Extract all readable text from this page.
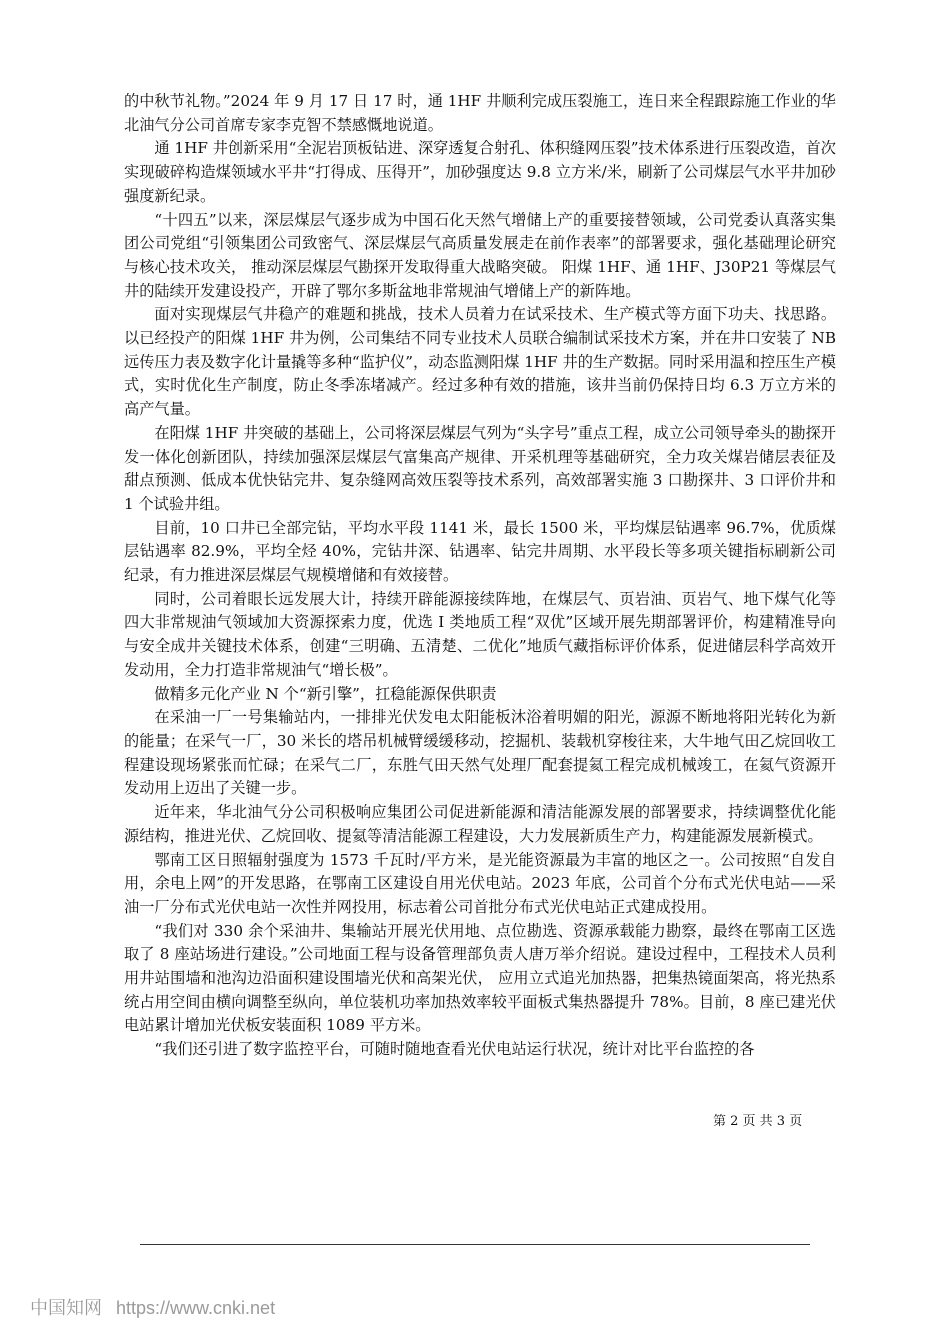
的中秋节礼物。”2024 年 9 月 17 日 17 时，通 1HF 井顺利完成压裂施工，连日来全程跟踪施工作业的华北油气分公司首席专家李克智不禁感慨地说道。

通 1HF 井创新采用“全泥岩顶板钻进、深穿透复合射孔、体积缝网压裂”技术体系进行压裂改造，首次实现破碎构造煤领域水平井“打得成、压得开”，加砂强度达 9.8 立方米/米，刷新了公司煤层气水平井加砂强度新纪录。

“十四五”以来，深层煤层气逐步成为中国石化天然气增储上产的重要接替领域，公司党委认真落实集团公司党组“引领集团公司致密气、深层煤层气高质量发展走在前作表率”的部署要求，强化基础理论研究与核心技术攻关， 推动深层煤层气勘探开发取得重大战略突破。 阳煤 1HF、通 1HF、J30P21 等煤层气井的陆续开发建设投产，开辟了鄂尔多斯盆地非常规油气增储上产的新阵地。

面对实现煤层气井稳产的难题和挑战，技术人员着力在试采技术、生产模式等方面下功夫、找思路。以已经投产的阳煤 1HF 井为例，公司集结不同专业技术人员联合编制试采技术方案，并在井口安装了 NB 远传压力表及数字化计量撬等多种“监护仪”，动态监测阳煤 1HF 井的生产数据。同时采用温和控压生产模式，实时优化生产制度，防止冬季冻堵减产。经过多种有效的措施，该井当前仍保持日均 6.3 万立方米的高产气量。

在阳煤 1HF 井突破的基础上，公司将深层煤层气列为“头字号”重点工程，成立公司领导牵头的勘探开发一体化创新团队，持续加强深层煤层气富集高产规律、开采机理等基础研究，全力攻关煤岩储层表征及甜点预测、低成本优快钻完井、复杂缝网高效压裂等技术系列，高效部署实施 3 口勘探井、3 口评价井和 1 个试验井组。

目前，10 口井已全部完钻，平均水平段 1141 米，最长 1500 米，平均煤层钻遇率 96.7%，优质煤层钻遇率 82.9%，平均全烃 40%，完钻井深、钻遇率、钻完井周期、水平段长等多项关键指标刷新公司纪录，有力推进深层煤层气规模增储和有效接替。

同时，公司着眼长远发展大计，持续开辟能源接续阵地，在煤层气、页岩油、页岩气、地下煤气化等四大非常规油气领域加大资源探索力度，优选 I 类地质工程“双优”区域开展先期部署评价，构建精准导向与安全成井关键技术体系，创建“三明确、五清楚、二优化”地质气藏指标评价体系，促进储层科学高效开发动用，全力打造非常规油气“增长极”。

做精多元化产业 N 个“新引擎”，扛稳能源保供职责

在采油一厂一号集输站内，一排排光伏发电太阳能板沐浴着明媚的阳光，源源不断地将阳光转化为新的能量；在采气一厂，30 米长的塔吊机械臂缓缓移动，挖掘机、装载机穿梭往来，大牛地气田乙烷回收工程建设现场紧张而忙碌；在采气二厂，东胜气田天然气处理厂配套提氦工程完成机械竣工，在氦气资源开发动用上迈出了关键一步。

近年来，华北油气分公司积极响应集团公司促进新能源和清洁能源发展的部署要求，持续调整优化能源结构，推进光伏、乙烷回收、提氦等清洁能源工程建设，大力发展新质生产力，构建能源发展新模式。

鄂南工区日照辐射强度为 1573 千瓦时/平方米，是光能资源最为丰富的地区之一。公司按照“自发自用，余电上网”的开发思路，在鄂南工区建设自用光伏电站。2023 年底，公司首个分布式光伏电站——采油一厂分布式光伏电站一次性并网投用，标志着公司首批分布式光伏电站正式建成投用。

“我们对 330 余个采油井、集输站开展光伏用地、点位勘选、资源承载能力勘察，最终在鄂南工区选取了 8 座站场进行建设。”公司地面工程与设备管理部负责人唐万举介绍说。建设过程中，工程技术人员利用井站围墙和池沟边沿面积建设围墙光伏和高架光伏， 应用立式追光加热器，把集热镜面架高，将光热系统占用空间由横向调整至纵向，单位装机功率加热效率较平面板式集热器提升 78%。目前，8 座已建光伏电站累计增加光伏板安装面积 1089 平方米。

“我们还引进了数字监控平台，可随时随地查看光伏电站运行状况，统计对比平台监控的各

第 2 页 共 3 页
中国知网 https://www.cnki.net
